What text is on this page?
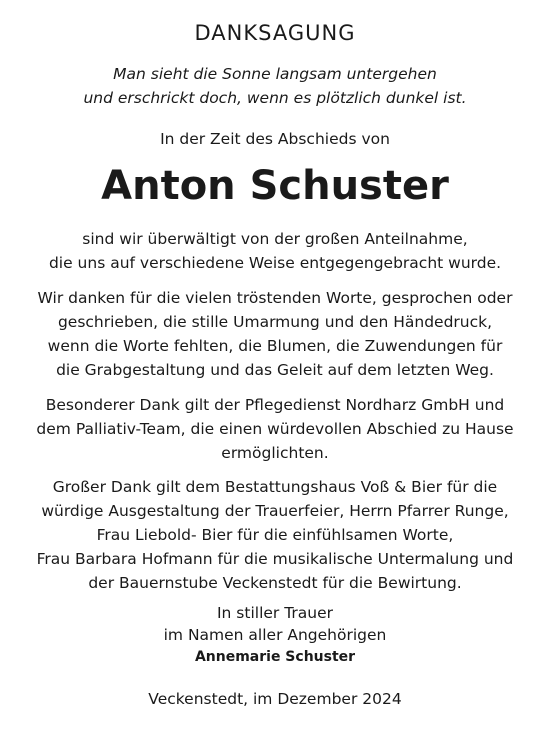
DANKSAGUNG
Man sieht die Sonne langsam untergehen
und erschrickt doch, wenn es plötzlich dunkel ist.
In der Zeit des Abschieds von
Anton Schuster
sind wir überwältigt von der großen Anteilnahme,
die uns auf verschiedene Weise entgegengebracht wurde.
Wir danken für die vielen tröstenden Worte, gesprochen oder
geschrieben, die stille Umarmung und den Händedruck,
wenn die Worte fehlten, die Blumen, die Zuwendungen für
die Grabgestaltung und das Geleit auf dem letzten Weg.
Besonderer Dank gilt der Pflegedienst Nordharz GmbH und
dem Palliativ-Team, die einen würdevollen Abschied zu Hause
ermöglichten.
Großer Dank gilt dem Bestattungshaus Voß & Bier für die
würdige Ausgestaltung der Trauerfeier, Herrn Pfarrer Runge,
Frau Liebold- Bier für die einfühlsamen Worte,
Frau Barbara Hofmann für die musikalische Untermalung und
der Bauernstube Veckenstedt für die Bewirtung.
In stiller Trauer
im Namen aller Angehörigen
Annemarie Schuster
Veckenstedt, im Dezember 2024
